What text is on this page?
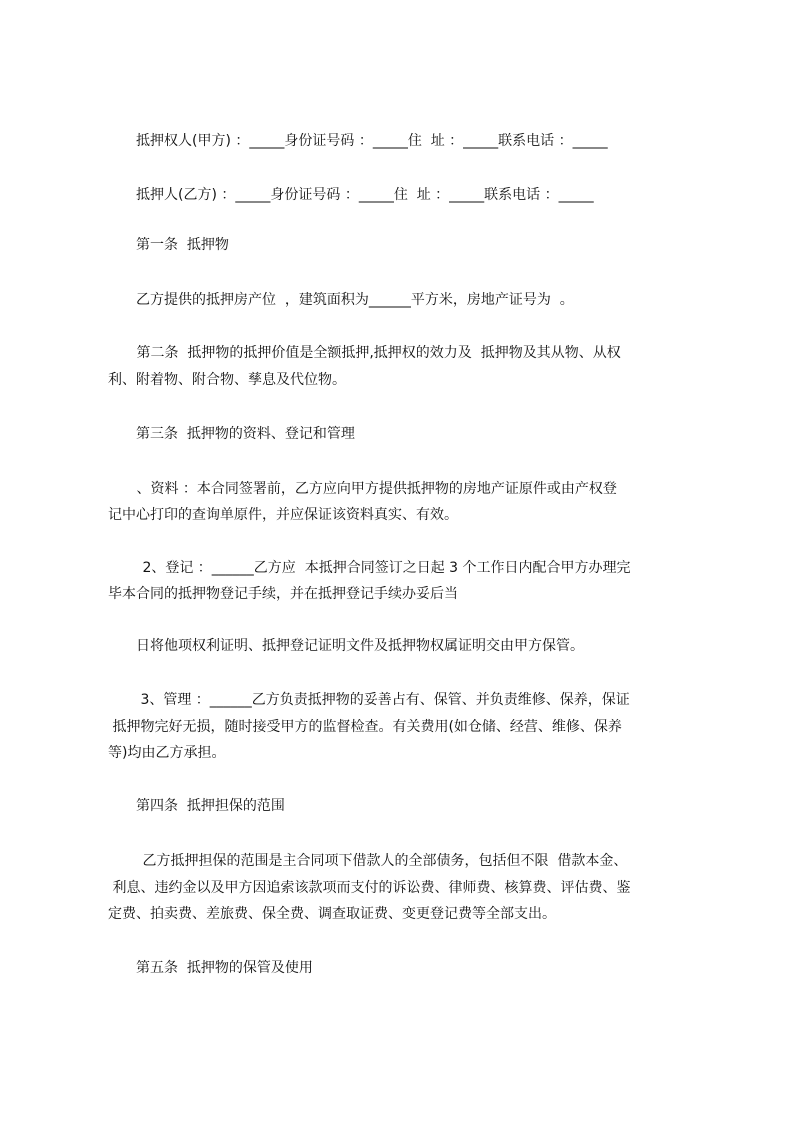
抵押权人(甲方) ：_____身份证号码 ：_____住  址 ：_____联系电话 ：_____
抵押人(乙方) ：_____身份证号码 ：_____住  址 ：_____联系电话 ：_____
第一条  抵押物
乙方提供的抵押房产位  ，建筑面积为______平方米，房地产证号为  。
第二条  抵押物的抵押价值是全额抵押,抵押权的效力及  抵押物及其从物、从权
利、附着物、附合物、孳息及代位物。
第三条  抵押物的资料、登记和管理
、资料 ：本合同签署前，乙方应向甲方提供抵押物的房地产证原件或由产权登
记中心打印的查询单原件，并应保证该资料真实、有效。
2、登记 ：______乙方应  本抵押合同签订之日起 3 个工作日内配合甲方办理完
毕本合同的抵押物登记手续，并在抵押登记手续办妥后当
日将他项权利证明、抵押登记证明文件及抵押物权属证明交由甲方保管。
3、管理 ：______乙方负责抵押物的妥善占有、保管、并负责维修、保养，保证
抵押物完好无损，随时接受甲方的监督检查。有关费用(如仓储、经营、维修、保养
等)均由乙方承担。
第四条  抵押担保的范围
乙方抵押担保的范围是主合同项下借款人的全部债务，包括但不限  借款本金、
利息、违约金以及甲方因追索该款项而支付的诉讼费、律师费、核算费、评估费、鉴
定费、拍卖费、差旅费、保全费、调查取证费、变更登记费等全部支出。
第五条  抵押物的保管及使用
